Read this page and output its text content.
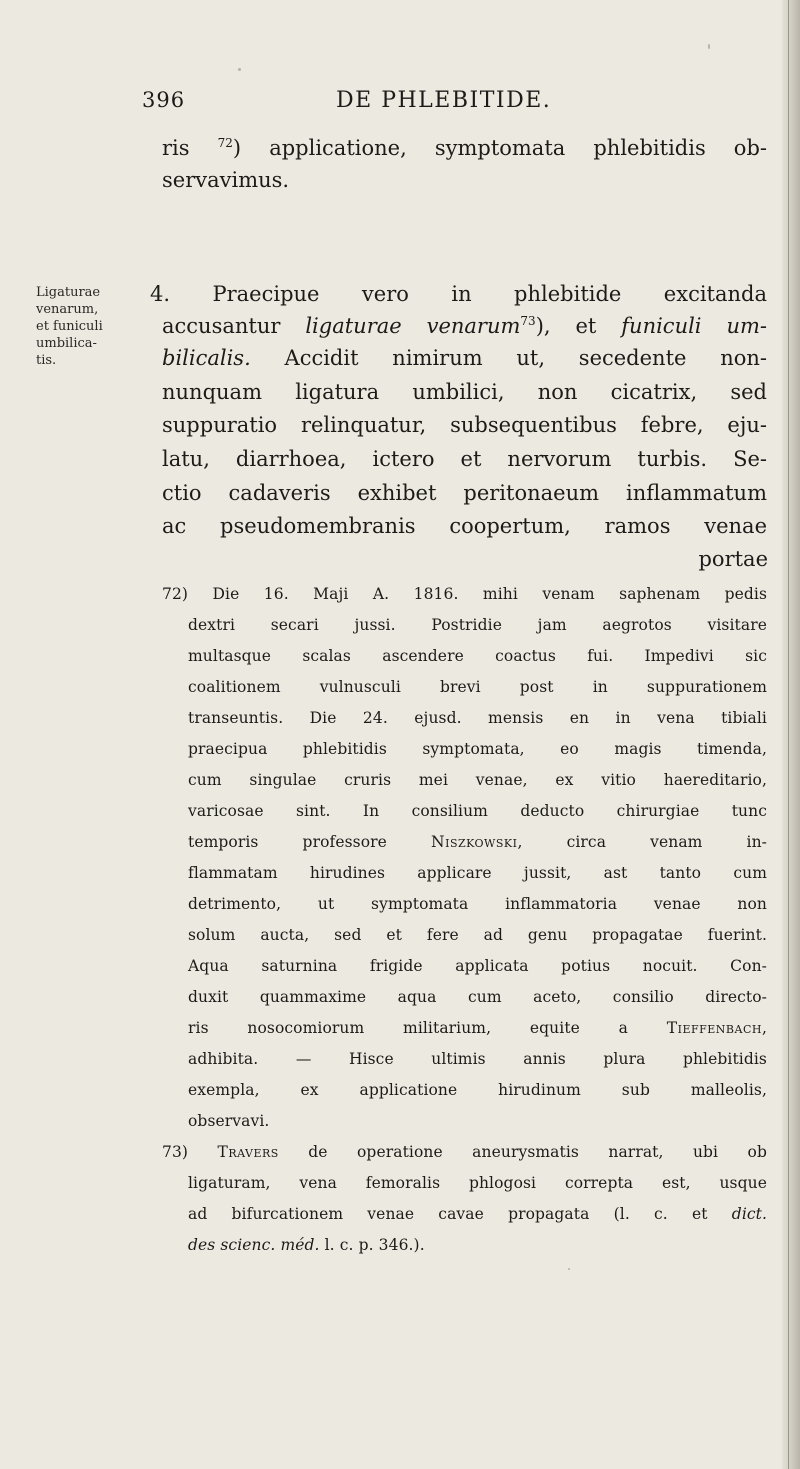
396	DE PHLEBITIDE.
Ligaturae
venarum,
et funiculi
umbilica-
tis.
ris $^{72}$) applicatione, symptomata phlebitidis ob-
servavimus.
4. Praecipue vero in phlebitide excitanda
accusantur ligaturae venarum$^{73}$), et funiculi um-
bilicalis. Accidit nimirum ut, secedente non-
nunquam ligatura umbilici, non cicatrix, sed
suppuratio relinquatur, subsequentibus febre, eju-
latu, diarrhoea, ictero et nervorum turbis. Se-
ctio cadaveris exhibet peritonaeum inflammatum
ac pseudomembranis coopertum, ramos venae
portae
72) Die 16. Maji A. 1816. mihi venam saphenam pedis
dextri secari jussi. Postridie jam aegrotos visitare
multasque scalas ascendere coactus fui. Impedivi sic
coalitionem vulnusculi brevi post in suppurationem
transeuntis. Die 24. ejusd. mensis en in vena tibiali
praecipua phlebitidis symptomata, eo magis timenda,
cum singulae cruris mei venae, ex vitio haereditario,
varicosae sint. In consilium deducto chirurgiae tunc
temporis professore	Niszkowski, circa venam in-
flammatam hirudines applicare jussit, ast tanto cum
detrimento, ut symptomata inflammatoria venae non
solum aucta, sed et fere ad genu propagatae fuerint.
Aqua saturnina frigide applicata potius nocuit. Con-
duxit quammaxime aqua cum aceto, consilio directo-
ris nosocomiorum militarium, equite a	Tieffenbach,
adhibita. — Hisce ultimis annis plura phlebitidis
exempla, ex applicatione hirudinum sub malleolis,
observavi.
73) Travers de operatione aneurysmatis narrat, ubi ob
ligaturam, vena femoralis phlogosi correpta est, usque
ad bifurcationem venae cavae propagata (l. c. et dict.
des scienc. méd. l. c. p. 346.).
